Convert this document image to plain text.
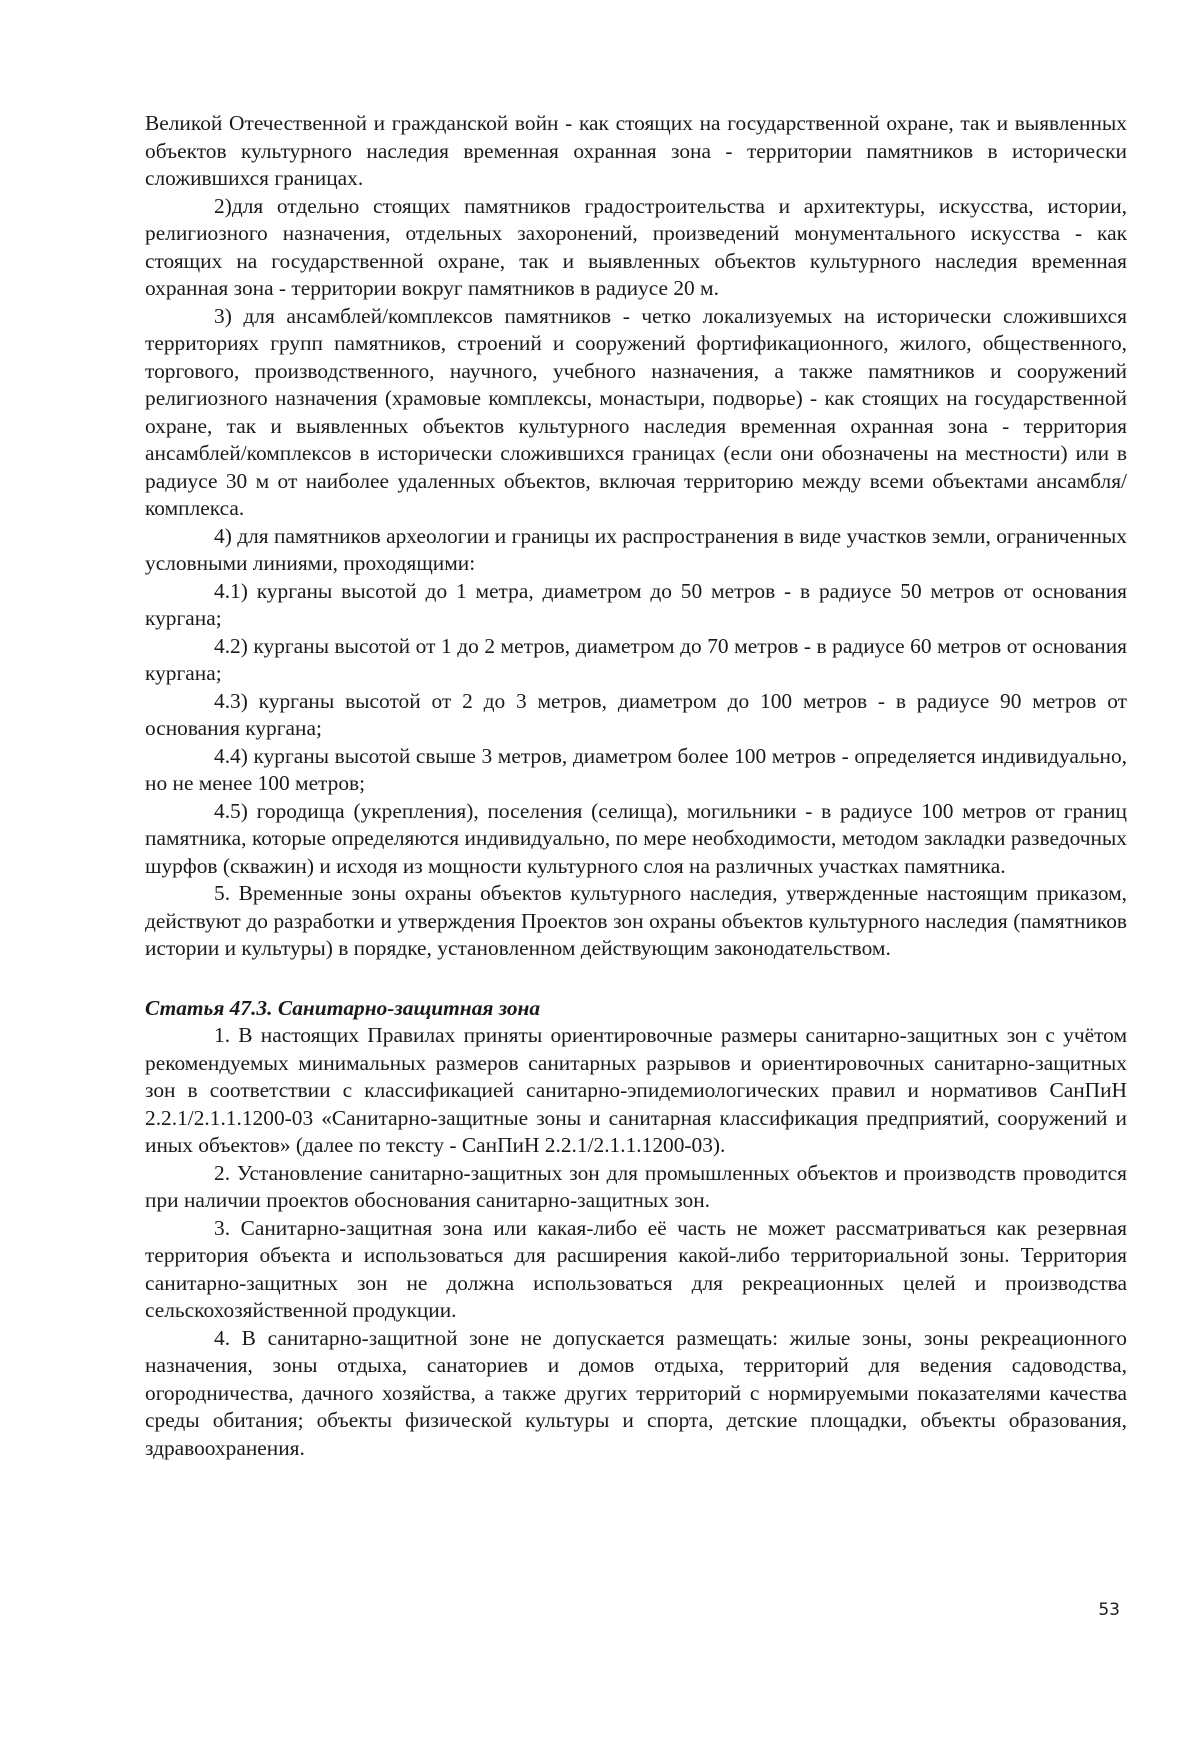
Великой Отечественной и гражданской войн - как стоящих на государственной охране, так и выявленных объектов культурного наследия временная охранная зона - территории памятников в исторически сложившихся границах.

2)для отдельно стоящих памятников градостроительства и архитектуры, искусства, истории, религиозного назначения, отдельных захоронений, произведений монументального искусства - как стоящих на государственной охране, так и выявленных объектов культурного наследия временная охранная зона - территории вокруг памятников в радиусе 20 м.

3) для ансамблей/комплексов памятников - четко локализуемых на исторически сложившихся территориях групп памятников, строений и сооружений фортификационного, жилого, общественного, торгового, производственного, научного, учебного назначения, а также памятников и сооружений религиозного назначения (храмовые комплексы, монастыри, подворье) - как стоящих на государственной охране, так и выявленных объектов культурного наследия временная охранная зона - территория ансамблей/комплексов в исторически сложившихся границах (если они обозначены на местности) или в радиусе 30 м от наиболее удаленных объектов, включая территорию между всеми объектами ансамбля/комплекса.

4) для памятников археологии и границы их распространения в виде участков земли, ограниченных условными линиями, проходящими:

4.1) курганы высотой до 1 метра, диаметром до 50 метров - в радиусе 50 метров от основания кургана;

4.2) курганы высотой от 1 до 2 метров, диаметром до 70 метров - в радиусе 60 метров от основания кургана;

4.3) курганы высотой от 2 до 3 метров, диаметром до 100 метров - в радиусе 90 метров от основания кургана;

4.4) курганы высотой свыше 3 метров, диаметром более 100 метров - определяется индивидуально, но не менее 100 метров;

4.5) городища (укрепления), поселения (селища), могильники - в радиусе 100 метров от границ памятника, которые определяются индивидуально, по мере необходимости, методом закладки разведочных шурфов (скважин) и исходя из мощности культурного слоя на различных участках памятника.

5. Временные зоны охраны объектов культурного наследия, утвержденные настоящим приказом, действуют до разработки и утверждения Проектов зон охраны объектов культурного наследия (памятников истории и культуры) в порядке, установленном действующим законодательством.

Статья 47.3. Санитарно-защитная зона

1. В настоящих Правилах приняты ориентировочные размеры санитарно-защитных зон с учётом рекомендуемых минимальных размеров санитарных разрывов и ориентировочных санитарно-защитных зон в соответствии с классификацией санитарно-эпидемиологических правил и нормативов СанПиН 2.2.1/2.1.1.1200-03 «Санитарно-защитные зоны и санитарная классификация предприятий, сооружений и иных объектов» (далее по тексту - СанПиН 2.2.1/2.1.1.1200-03).

2. Установление санитарно-защитных зон для промышленных объектов и производств проводится при наличии проектов обоснования санитарно-защитных зон.

3. Санитарно-защитная зона или какая-либо её часть не может рассматриваться как резервная территория объекта и использоваться для расширения какой-либо территориальной зоны. Территория санитарно-защитных зон не должна использоваться для рекреационных целей и производства сельскохозяйственной продукции.

4. В санитарно-защитной зоне не допускается размещать: жилые зоны, зоны рекреационного назначения, зоны отдыха, санаториев и домов отдыха, территорий для ведения садоводства, огородничества, дачного хозяйства, а также других территорий с нормируемыми показателями качества среды обитания; объекты физической культуры и спорта, детские площадки, объекты образования, здравоохранения.

53
